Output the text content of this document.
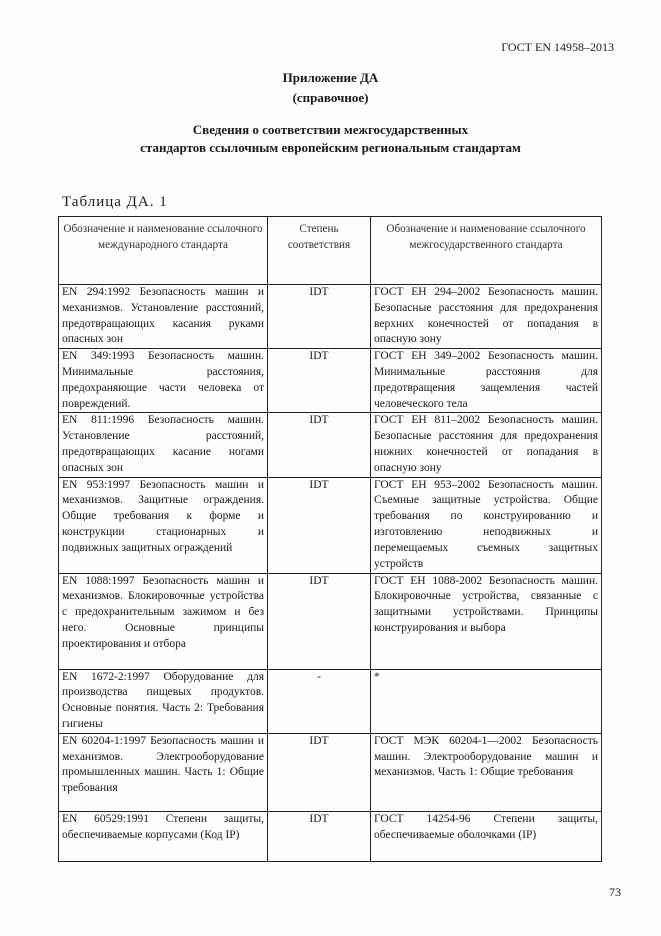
ГОСТ EN 14958–2013
Приложение ДА
(справочное)
Сведения о соответствии межгосударственных
стандартов ссылочным европейским региональным стандартам
Таблица ДА. 1
Обозначение и наименование ссылочного международного стандарта	Степень соответствия	Обозначение и наименование ссылочного межгосударственного стандарта
EN 294:1992 Безопасность машин и механизмов. Установление расстояний, предотвращающих касания руками опасных зон	IDT	ГОСТ ЕН 294–2002 Безопасность машин. Безопасные расстояния для предохранения верхних конечностей от попадания в опасную зону
EN 349:1993 Безопасность машин. Минимальные расстояния, предохраняющие части человека от повреждений.	IDT	ГОСТ ЕН 349–2002 Безопасность машин. Минимальные расстояния для предотвращения защемления частей человеческого тела
EN 811:1996 Безопасность машин. Установление расстояний, предотвращающих касание ногами опасных зон	IDT	ГОСТ ЕН 811–2002 Безопасность машин. Безопасные расстояния для предохранения нижних конечностей от попадания в опасную зону
EN 953:1997 Безопасность машин и механизмов. Защитные ограждения. Общие требования к форме и конструкции стационарных и подвижных защитных ограждений	IDT	ГОСТ ЕН 953–2002 Безопасность машин. Съемные защитные устройства. Общие требования по конструированию и изготовлению неподвижных и перемещаемых съемных защитных устройств
EN 1088:1997 Безопасность машин и механизмов. Блокировочные устройства с предохранительным зажимом и без него. Основные принципы проектирования и отбора	IDT	ГОСТ ЕН 1088-2002 Безопасность машин. Блокировочные устройства, связанные с защитными устройствами. Принципы конструирования и выбора
EN 1672-2:1997 Оборудование для производства пищевых продуктов. Основные понятия. Часть 2: Требования гигиены	-	*
EN 60204-1:1997 Безопасность машин и механизмов. Электрооборудование промышленных машин. Часть 1: Общие требования	IDT	ГОСТ МЭК 60204-1—2002 Безопасность машин. Электрооборудование машин и механизмов. Часть 1: Общие требования
EN 60529:1991 Степени защиты, обеспечиваемые корпусами (Код IP)	IDT	ГОСТ 14254-96 Степени защиты, обеспечиваемые оболочками (IP)
73
